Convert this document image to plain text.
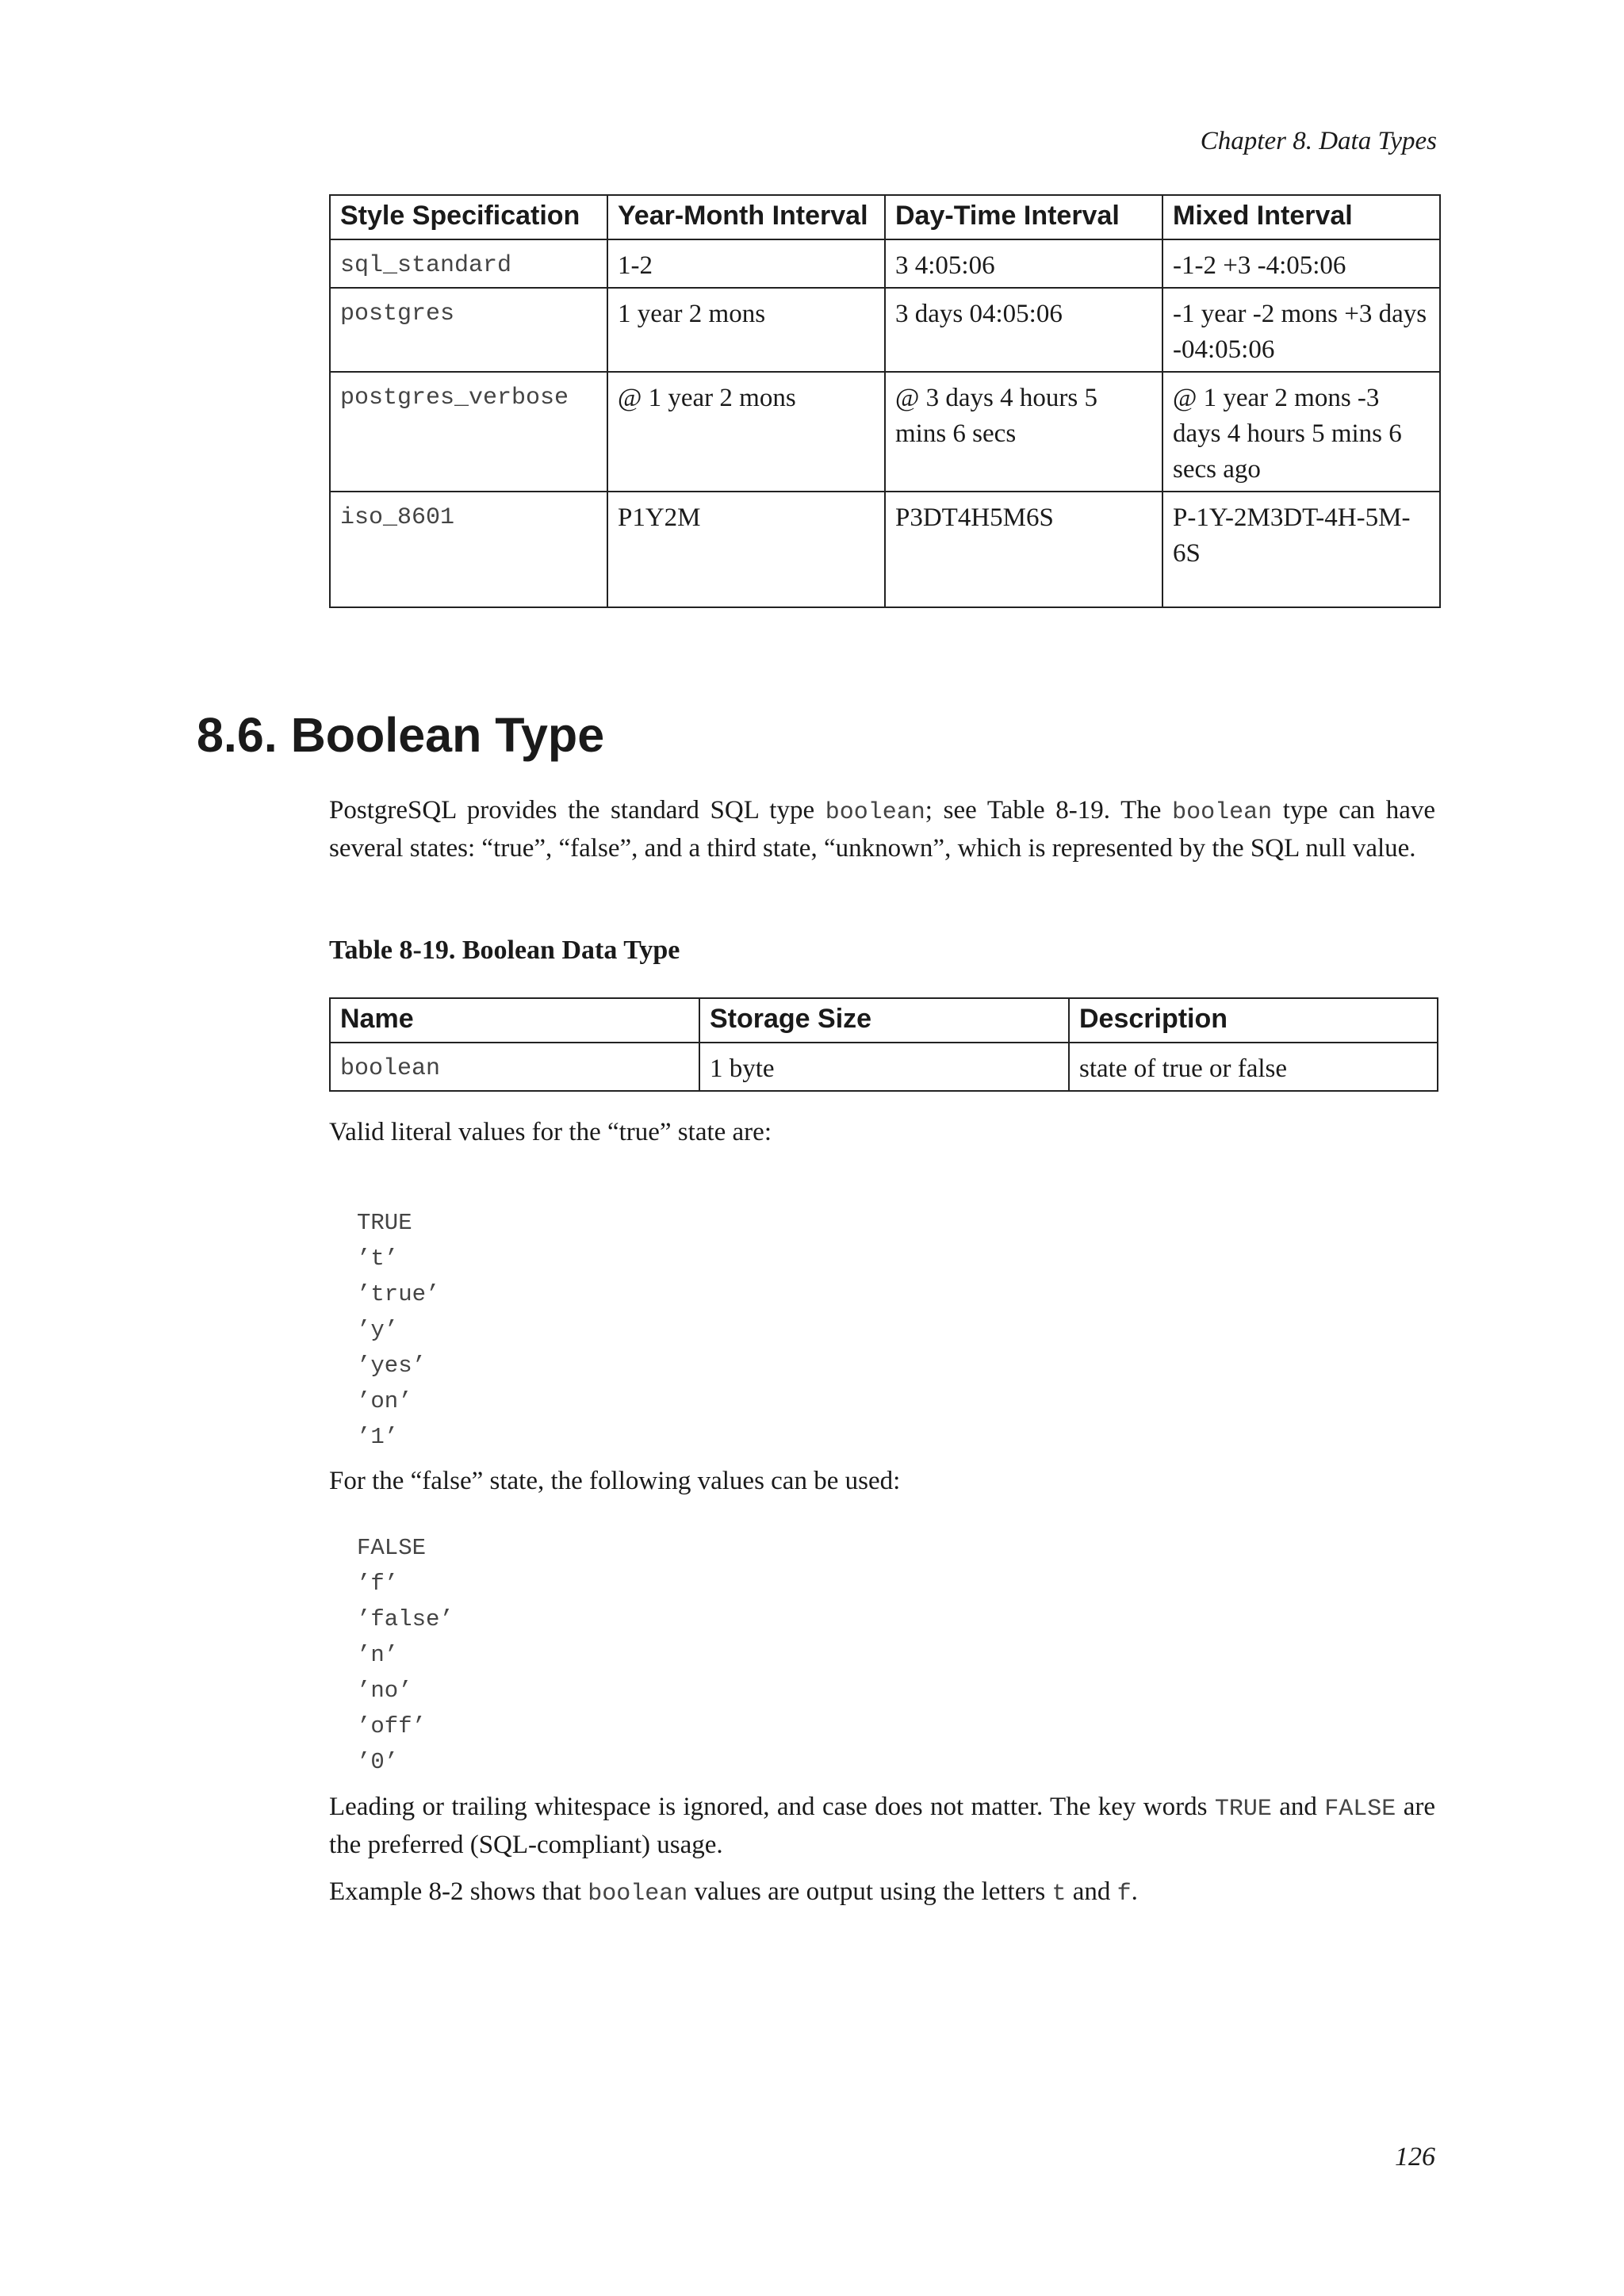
Chapter 8. Data Types
Style Specification	Year-Month Interval	Day-Time Interval	Mixed Interval
sql_standard	1-2	3 4:05:06	-1-2 +3 -4:05:06
postgres	1 year 2 mons	3 days 04:05:06	-1 year -2 mons +3 days -04:05:06
postgres_verbose	@ 1 year 2 mons	@ 3 days 4 hours 5 mins 6 secs	@ 1 year 2 mons -3 days 4 hours 5 mins 6 secs ago
iso_8601	P1Y2M	P3DT4H5M6S	P-1Y-2M3DT-4H-5M-6S
8.6. Boolean Type

PostgreSQL provides the standard SQL type boolean; see Table 8-19. The boolean type can have several states: “true”, “false”, and a third state, “unknown”, which is represented by the SQL null value.

Table 8-19. Boolean Data Type

Name	Storage Size	Description
boolean	1 byte	state of true or false

Valid literal values for the “true” state are:

TRUE
’t’
’true’
’y’
’yes’
’on’
’1’

For the “false” state, the following values can be used:

FALSE
’f’
’false’
’n’
’no’
’off’
’0’

Leading or trailing whitespace is ignored, and case does not matter. The key words TRUE and FALSE are the preferred (SQL-compliant) usage.

Example 8-2 shows that boolean values are output using the letters t and f.

126
